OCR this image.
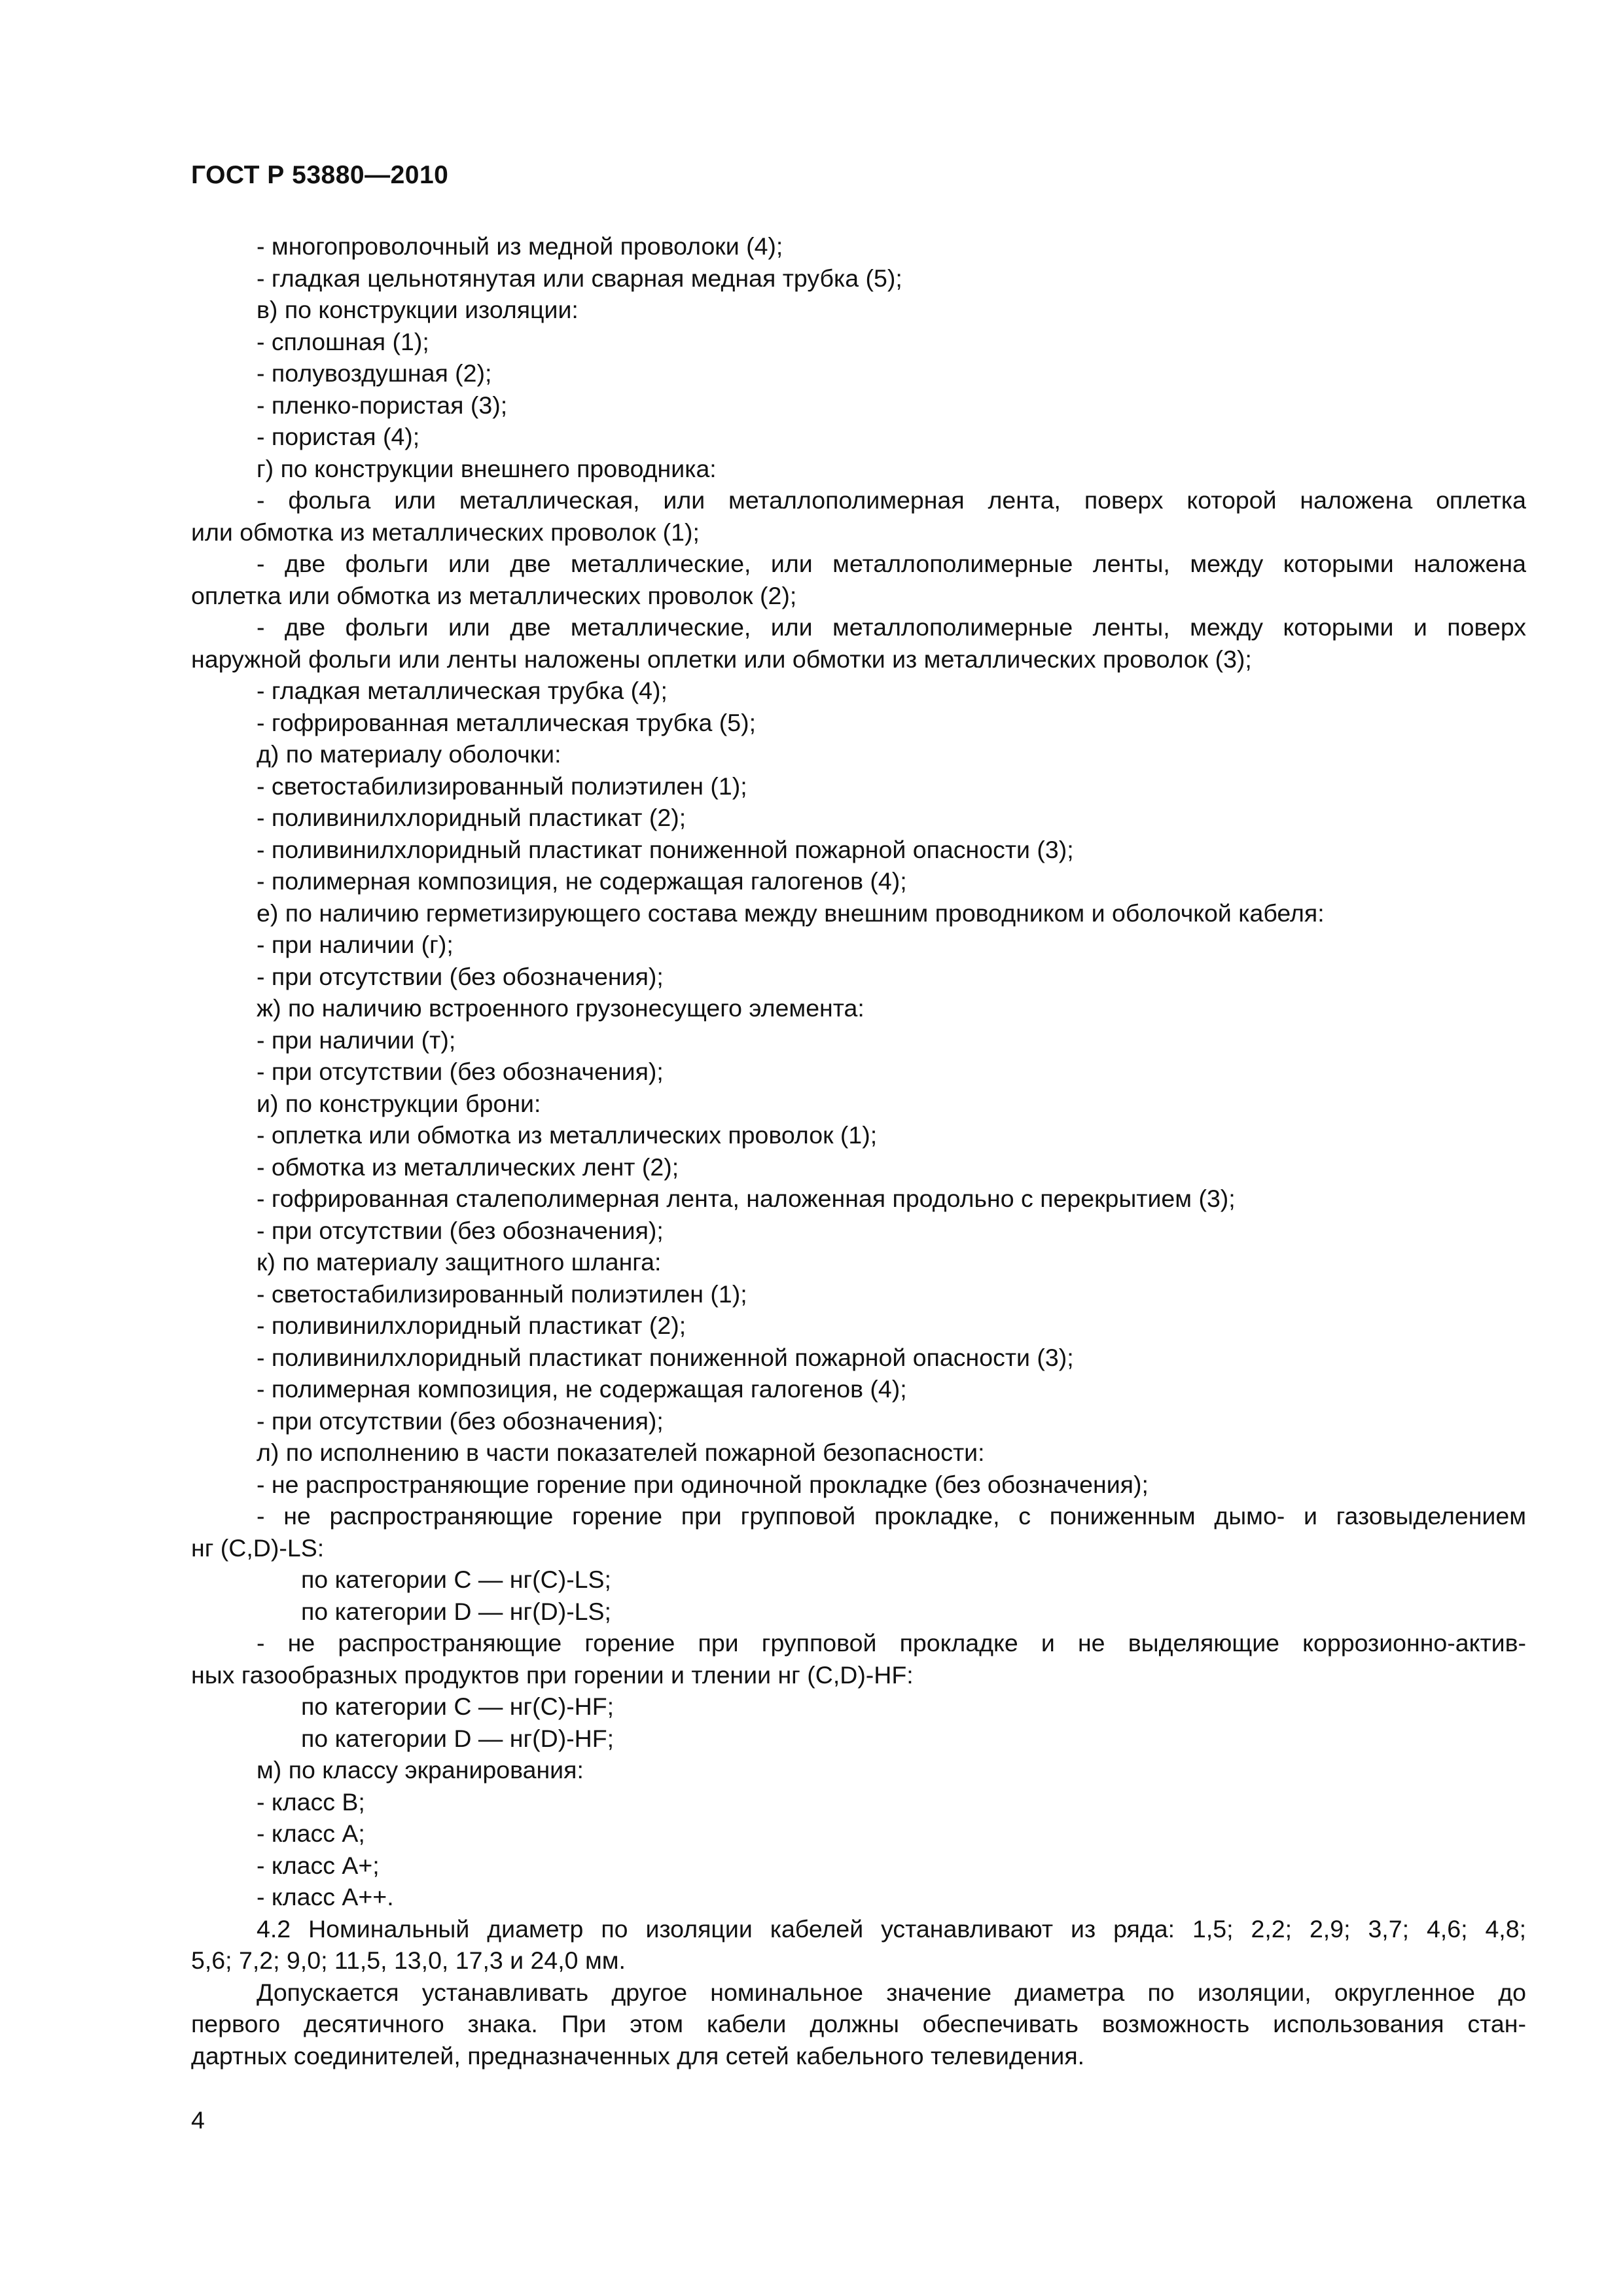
ГОСТ Р 53880—2010
- многопроволочный из медной проволоки (4);
- гладкая цельнотянутая или сварная медная трубка (5);
в) по конструкции изоляции:
- сплошная (1);
- полувоздушная (2);
- пленко-пористая (3);
- пористая (4);
г) по конструкции внешнего проводника:
- фольга или металлическая, или металлополимерная лента, поверх которой наложена оплетка
или обмотка из металлических проволок (1);
- две фольги или две металлические, или металлополимерные ленты, между которыми наложена
оплетка или обмотка из металлических проволок (2);
- две фольги или две металлические, или металлополимерные ленты, между которыми и поверх
наружной фольги или ленты наложены оплетки или обмотки из металлических проволок (3);
- гладкая металлическая трубка (4);
- гофрированная металлическая трубка (5);
д) по материалу оболочки:
- светостабилизированный полиэтилен (1);
- поливинилхлоридный пластикат (2);
- поливинилхлоридный пластикат пониженной пожарной опасности (3);
- полимерная композиция, не содержащая галогенов (4);
е) по наличию герметизирующего состава между внешним проводником и оболочкой кабеля:
- при наличии (г);
- при отсутствии (без обозначения);
ж) по наличию встроенного грузонесущего элемента:
- при наличии (т);
- при отсутствии (без обозначения);
и) по конструкции брони:
- оплетка или обмотка из металлических проволок (1);
- обмотка из металлических лент (2);
- гофрированная сталеполимерная лента, наложенная продольно с перекрытием (3);
- при отсутствии (без обозначения);
к) по материалу защитного шланга:
- светостабилизированный полиэтилен (1);
- поливинилхлоридный пластикат (2);
- поливинилхлоридный пластикат пониженной пожарной опасности (3);
- полимерная композиция, не содержащая галогенов (4);
- при отсутствии (без обозначения);
л) по исполнению в части показателей пожарной безопасности:
- не распространяющие горение при одиночной прокладке (без обозначения);
- не распространяющие горение при групповой прокладке, с пониженным дымо- и газовыделением
нг (С,D)-LS:
по категории С — нг(С)-LS;
по категории D — нг(D)-LS;
- не распространяющие горение при групповой прокладке и не выделяющие коррозионно-актив-
ных газообразных продуктов при горении и тлении нг (С,D)-HF:
по категории С — нг(С)-HF;
по категории D — нг(D)-HF;
м) по классу экранирования:
- класс В;
- класс А;
- класс А+;
- класс А++.
4.2 Номинальный диаметр по изоляции кабелей устанавливают из ряда: 1,5; 2,2; 2,9; 3,7; 4,6; 4,8;
5,6; 7,2; 9,0; 11,5, 13,0, 17,3 и 24,0 мм.
Допускается устанавливать другое номинальное значение диаметра по изоляции, округленное до
первого десятичного знака. При этом кабели должны обеспечивать возможность использования стан-
дартных соединителей, предназначенных для сетей кабельного телевидения.
4
